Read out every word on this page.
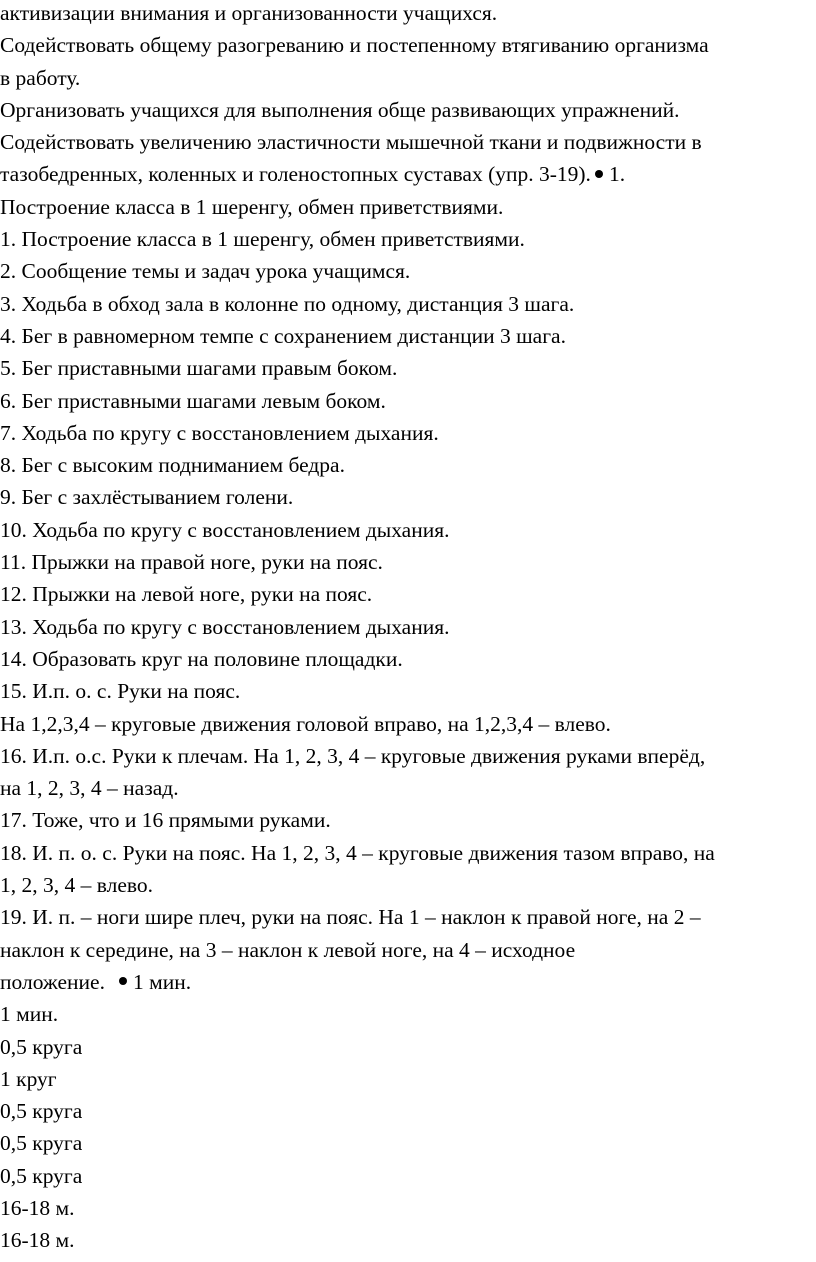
активизации внимания и организованности учащихся.
Содействовать общему разогреванию и постепенному втягиванию организма
в работу.
Организовать учащихся для выполнения обще развивающих упражнений.
Содействовать увеличению эластичности мышечной ткани и подвижности в
тазобедренных, коленных и голеностопных суставах (упр. 3-19). 1.
Построение класса в 1 шеренгу, обмен приветствиями.
1. Построение класса в 1 шеренгу, обмен приветствиями.
2. Сообщение темы и задач урока учащимся.
3. Ходьба в обход зала в колонне по одному, дистанция 3 шага.
4. Бег в равномерном темпе с сохранением дистанции 3 шага.
5. Бег приставными шагами правым боком.
6. Бег приставными шагами левым боком.
7. Ходьба по кругу с восстановлением дыхания.
8. Бег с высоким подниманием бедра.
9. Бег с захлёстыванием голени.
10. Ходьба по кругу с восстановлением дыхания.
11. Прыжки на правой ноге, руки на пояс.
12. Прыжки на левой ноге, руки на пояс.
13. Ходьба по кругу с восстановлением дыхания.
14. Образовать круг на половине площадки.
15. И.п. о. с. Руки на пояс.
На 1,2,3,4 – круговые движения головой вправо, на 1,2,3,4 – влево.
16. И.п. о.с. Руки к плечам. На 1, 2, 3, 4 – круговые движения руками вперёд,
на 1, 2, 3, 4 – назад.
17. Тоже, что и 16 прямыми руками.
18. И. п. о. с. Руки на пояс. На 1, 2, 3, 4 – круговые движения тазом вправо, на
1, 2, 3, 4 – влево.
19. И. п. – ноги шире плеч, руки на пояс. На 1 – наклон к правой ноге, на 2 –
наклон к середине, на 3 – наклон к левой ноге, на 4 – исходное
положение. 1 мин.
1 мин.
0,5 круга
1 круг
0,5 круга
0,5 круга
0,5 круга
16-18 м.
16-18 м.
